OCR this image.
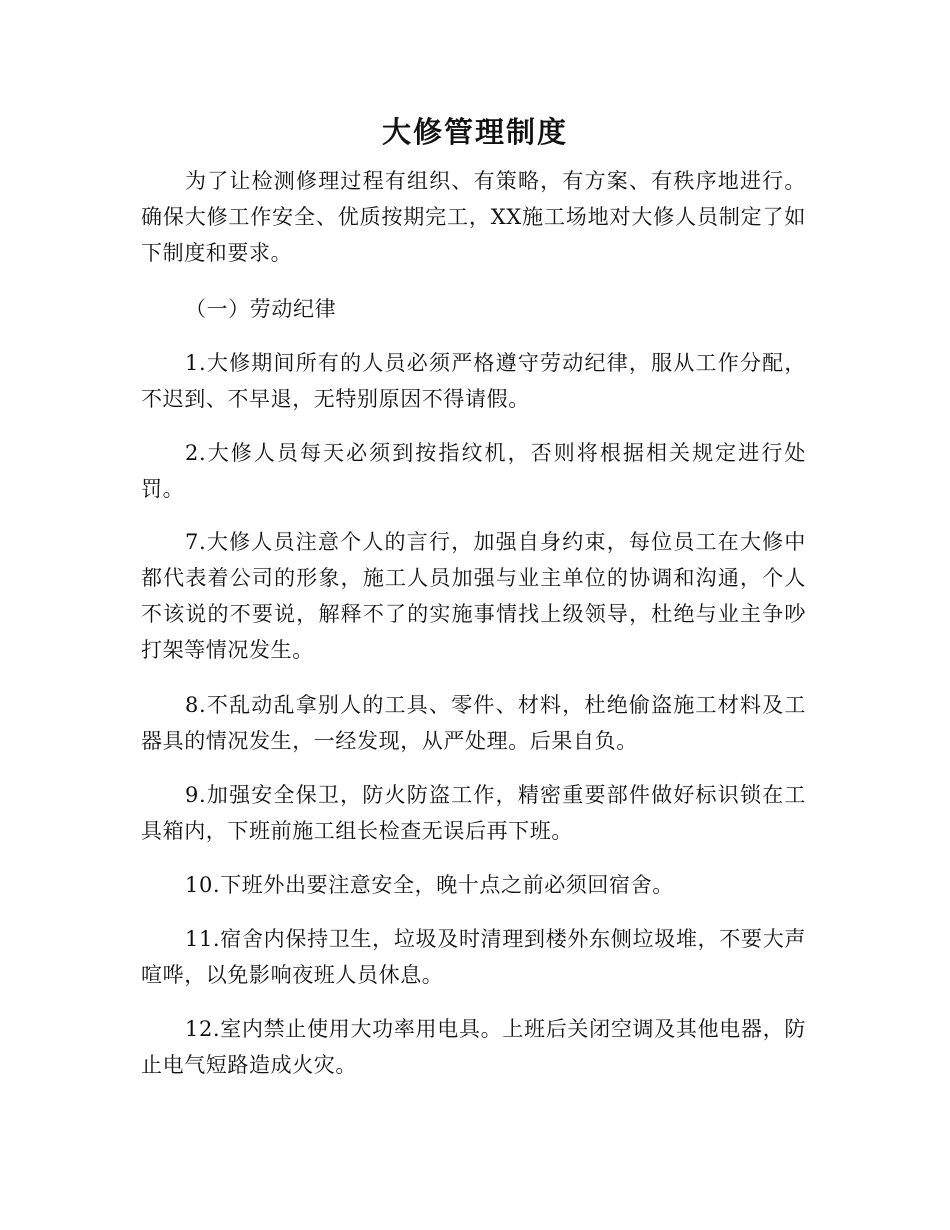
大修管理制度

为了让检测修理过程有组织、有策略，有方案、有秩序地进行。确保大修工作安全、优质按期完工，XX施工场地对大修人员制定了如下制度和要求。

（一）劳动纪律

1.大修期间所有的人员必须严格遵守劳动纪律，服从工作分配，不迟到、不早退，无特别原因不得请假。

2.大修人员每天必须到按指纹机，否则将根据相关规定进行处罚。

7.大修人员注意个人的言行，加强自身约束，每位员工在大修中都代表着公司的形象，施工人员加强与业主单位的协调和沟通，个人不该说的不要说，解释不了的实施事情找上级领导，杜绝与业主争吵打架等情况发生。

8.不乱动乱拿别人的工具、零件、材料，杜绝偷盗施工材料及工器具的情况发生，一经发现，从严处理。后果自负。

9.加强安全保卫，防火防盗工作，精密重要部件做好标识锁在工具箱内，下班前施工组长检查无误后再下班。

10.下班外出要注意安全，晚十点之前必须回宿舍。

11.宿舍内保持卫生，垃圾及时清理到楼外东侧垃圾堆，不要大声喧哗，以免影响夜班人员休息。

12.室内禁止使用大功率用电具。上班后关闭空调及其他电器，防止电气短路造成火灾。
